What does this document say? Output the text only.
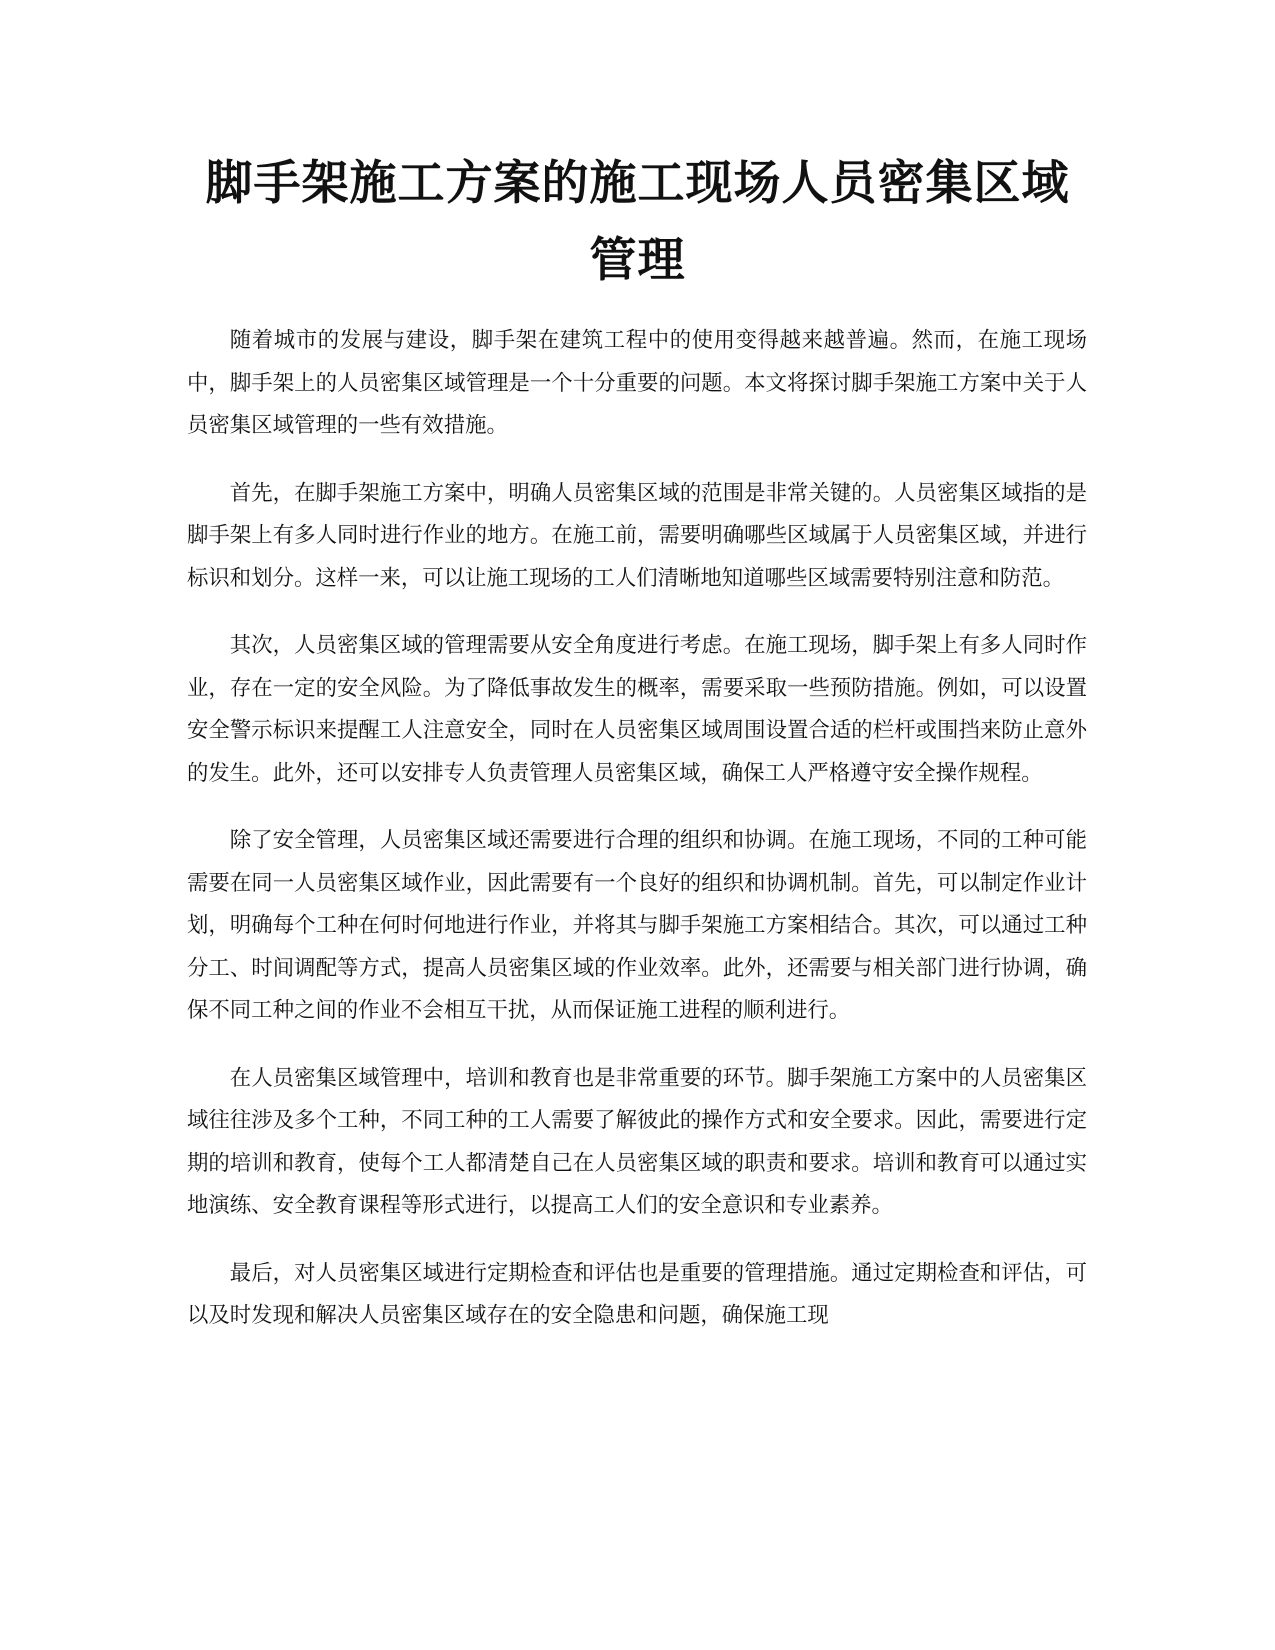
脚手架施工方案的施工现场人员密集区域管理

随着城市的发展与建设，脚手架在建筑工程中的使用变得越来越普遍。然而，在施工现场中，脚手架上的人员密集区域管理是一个十分重要的问题。本文将探讨脚手架施工方案中关于人员密集区域管理的一些有效措施。

首先，在脚手架施工方案中，明确人员密集区域的范围是非常关键的。人员密集区域指的是脚手架上有多人同时进行作业的地方。在施工前，需要明确哪些区域属于人员密集区域，并进行标识和划分。这样一来，可以让施工现场的工人们清晰地知道哪些区域需要特别注意和防范。

其次，人员密集区域的管理需要从安全角度进行考虑。在施工现场，脚手架上有多人同时作业，存在一定的安全风险。为了降低事故发生的概率，需要采取一些预防措施。例如，可以设置安全警示标识来提醒工人注意安全，同时在人员密集区域周围设置合适的栏杆或围挡来防止意外的发生。此外，还可以安排专人负责管理人员密集区域，确保工人严格遵守安全操作规程。

除了安全管理，人员密集区域还需要进行合理的组织和协调。在施工现场，不同的工种可能需要在同一人员密集区域作业，因此需要有一个良好的组织和协调机制。首先，可以制定作业计划，明确每个工种在何时何地进行作业，并将其与脚手架施工方案相结合。其次，可以通过工种分工、时间调配等方式，提高人员密集区域的作业效率。此外，还需要与相关部门进行协调，确保不同工种之间的作业不会相互干扰，从而保证施工进程的顺利进行。

在人员密集区域管理中，培训和教育也是非常重要的环节。脚手架施工方案中的人员密集区域往往涉及多个工种，不同工种的工人需要了解彼此的操作方式和安全要求。因此，需要进行定期的培训和教育，使每个工人都清楚自己在人员密集区域的职责和要求。培训和教育可以通过实地演练、安全教育课程等形式进行，以提高工人们的安全意识和专业素养。

最后，对人员密集区域进行定期检查和评估也是重要的管理措施。通过定期检查和评估，可以及时发现和解决人员密集区域存在的安全隐患和问题，确保施工现
